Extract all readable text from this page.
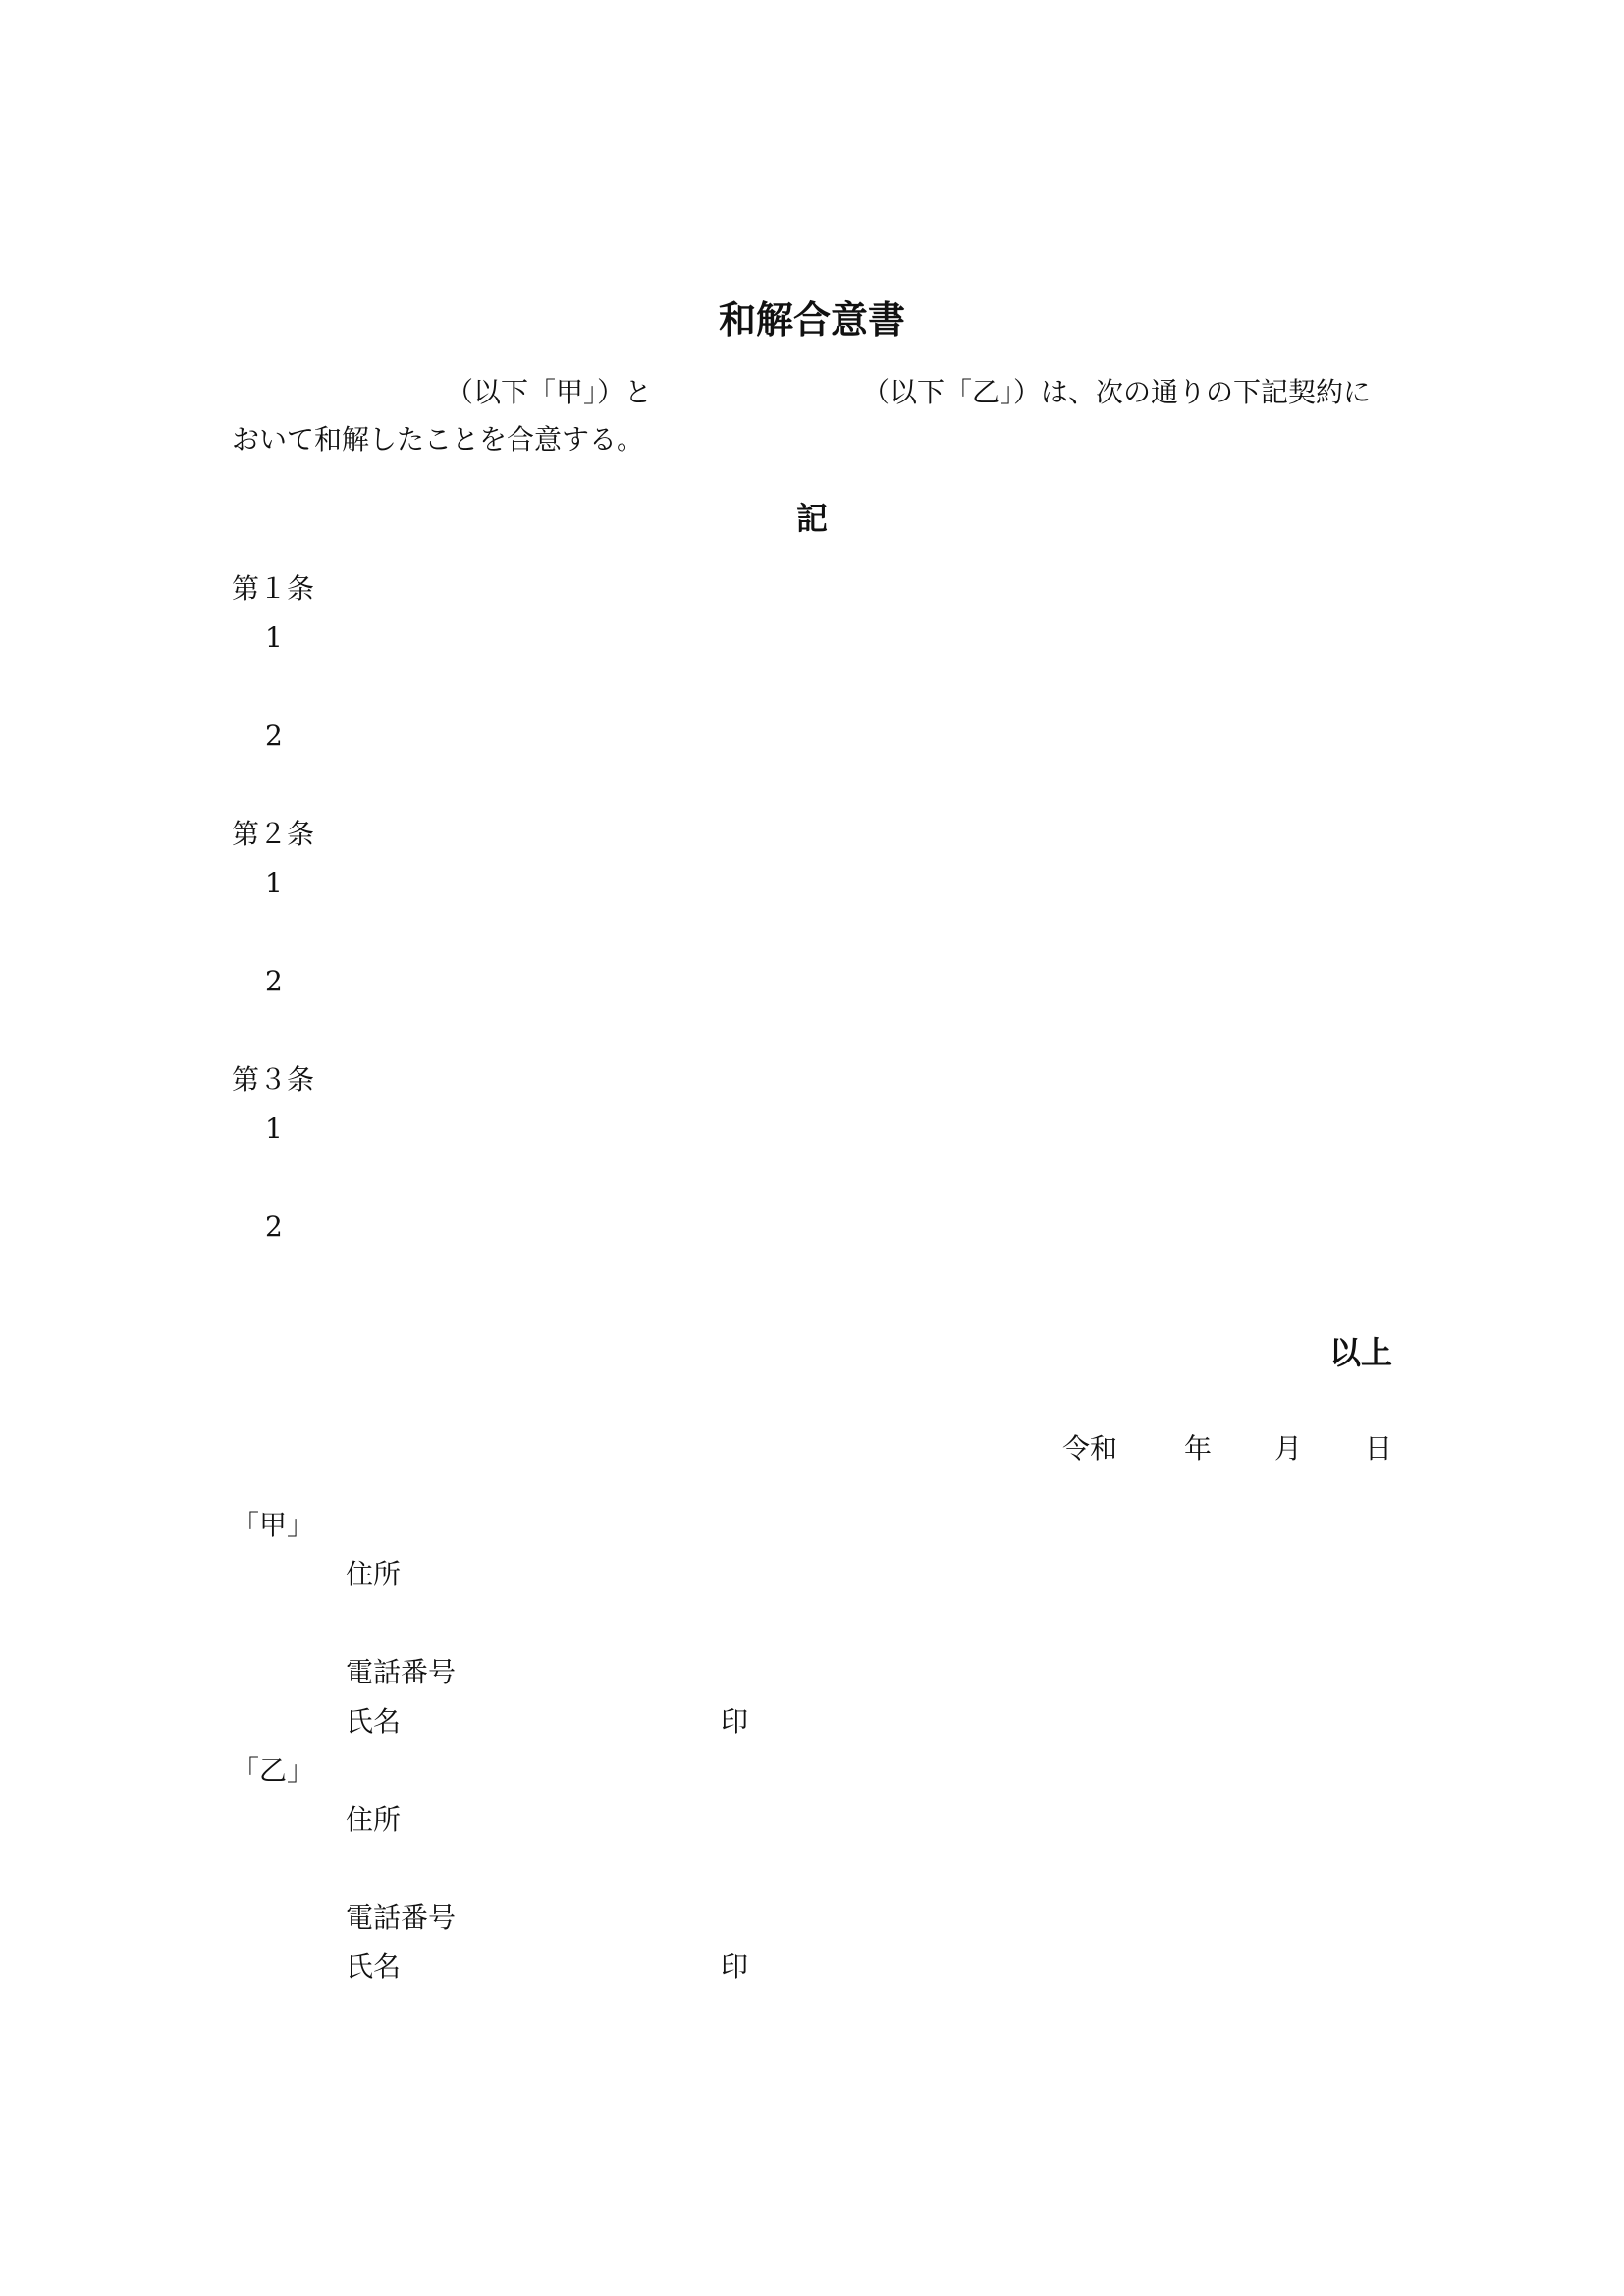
和解合意書
（以下「甲」）と	（以下「乙」）は、次の通りの下記契約に
おいて和解したことを合意する。
記
第１条
1
2
第２条
1
2
第３条
1
2
以上
令和 年 月 日
「甲」
住所
電話番号
氏名	印
「乙」
住所
電話番号
氏名	印
